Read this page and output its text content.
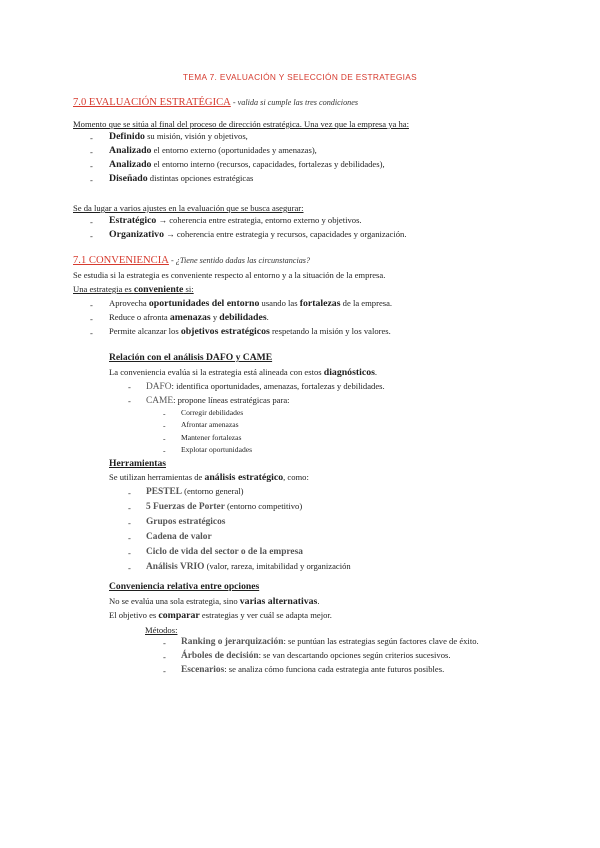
TEMA 7. EVALUACIÓN Y SELECCIÓN DE ESTRATEGIAS
7.0 EVALUACIÓN ESTRATÉGICA - valida si cumple las tres condiciones
Momento que se sitúa al final del proceso de dirección estratégica. Una vez que la empresa ya ha:
- Definido su misión, visión y objetivos,
- Analizado el entorno externo (oportunidades y amenazas),
- Analizado el entorno interno (recursos, capacidades, fortalezas y debilidades),
- Diseñado distintas opciones estratégicas
Se da lugar a varios ajustes en la evaluación que se busca asegurar:
- Estratégico → coherencia entre estrategia, entorno externo y objetivos.
- Organizativo → coherencia entre estrategia y recursos, capacidades y organización.
7.1 CONVENIENCIA - ¿Tiene sentido dadas las circunstancias?
Se estudia si la estrategia es conveniente respecto al entorno y a la situación de la empresa.
Una estrategia es conveniente si:
- Aprovecha oportunidades del entorno usando las fortalezas de la empresa.
- Reduce o afronta amenazas y debilidades.
- Permite alcanzar los objetivos estratégicos respetando la misión y los valores.
Relación con el análisis DAFO y CAME
La conveniencia evalúa si la estrategia está alineada con estos diagnósticos.
- DAFO: identifica oportunidades, amenazas, fortalezas y debilidades.
- CAME: propone líneas estratégicas para:
- Corregir debilidades
- Afrontar amenazas
- Mantener fortalezas
- Explotar oportunidades
Herramientas
Se utilizan herramientas de análisis estratégico, como:
- PESTEL (entorno general)
- 5 Fuerzas de Porter (entorno competitivo)
- Grupos estratégicos
- Cadena de valor
- Ciclo de vida del sector o de la empresa
- Análisis VRIO (valor, rareza, imitabilidad y organización
Conveniencia relativa entre opciones
No se evalúa una sola estrategia, sino varias alternativas.
El objetivo es comparar estrategias y ver cuál se adapta mejor.
Métodos:
- Ranking o jerarquización: se puntúan las estrategias según factores clave de éxito.
- Árboles de decisión: se van descartando opciones según criterios sucesivos.
- Escenarios: se analiza cómo funciona cada estrategia ante futuros posibles.
